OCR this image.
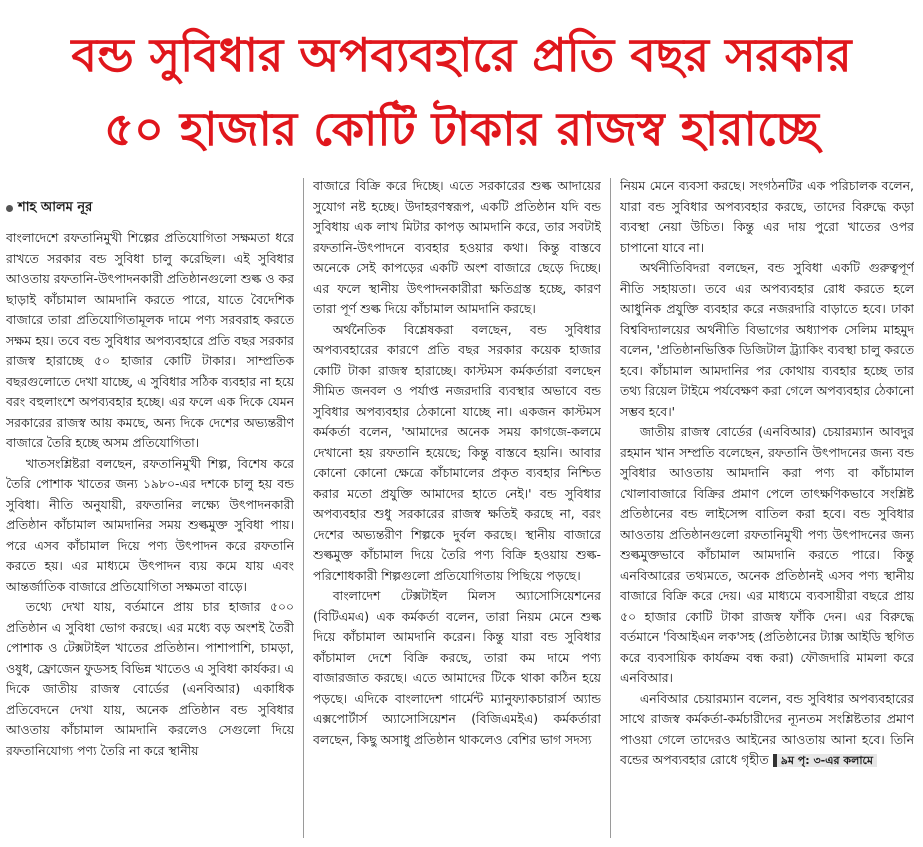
বন্ড সুবিধার অপব্যবহারে প্রতি বছর সরকার
৫০ হাজার কোটি টাকার রাজস্ব হারাচ্ছে
শাহ আলম নূর

বাংলাদেশে রফতানিমুখী শিল্পের প্রতিযোগিতা সক্ষমতা ধরে রাখতে সরকার বন্ড সুবিধা চালু করেছিল। এই সুবিধার আওতায় রফতানি-উৎপাদনকারী প্রতিষ্ঠানগুলো শুল্ক ও কর ছাড়াই কাঁচামাল আমদানি করতে পারে, যাতে বৈদেশিক বাজারে তারা প্রতিযোগিতামূলক দামে পণ্য সরবরাহ করতে সক্ষম হয়। তবে বন্ড সুবিধার অপব্যবহারে প্রতি বছর সরকার রাজস্ব হারাচ্ছে ৫০ হাজার কোটি টাকার। সাম্প্রতিক বছরগুলোতে দেখা যাচ্ছে, এ সুবিধার সঠিক ব্যবহার না হয়ে বরং বহুলাংশে অপব্যবহার হচ্ছে। এর ফলে এক দিকে যেমন সরকারের রাজস্ব আয় কমছে, অন্য দিকে দেশের অভ্যন্তরীণ বাজারে তৈরি হচ্ছে অসম প্রতিযোগিতা।

খাতসংশ্লিষ্টরা বলছেন, রফতানিমুখী শিল্প, বিশেষ করে তৈরি পোশাক খাতের জন্য ১৯৮০-এর দশকে চালু হয় বন্ড সুবিধা। নীতি অনুযায়ী, রফতানির লক্ষ্যে উৎপাদনকারী প্রতিষ্ঠান কাঁচামাল আমদানির সময় শুল্কমুক্ত সুবিধা পায়। পরে এসব কাঁচামাল দিয়ে পণ্য উৎপাদন করে রফতানি করতে হয়। এর মাধ্যমে উৎপাদন ব্যয় কমে যায় এবং আন্তর্জাতিক বাজারে প্রতিযোগিতা সক্ষমতা বাড়ে।

তথ্যে দেখা যায়, বর্তমানে প্রায় চার হাজার ৫০০ প্রতিষ্ঠান এ সুবিধা ভোগ করছে। এর মধ্যে বড় অংশই তৈরী পোশাক ও টেক্সটাইল খাতের প্রতিষ্ঠান। পাশাপাশি, চামড়া, ওষুধ, ফ্রোজেন ফুডসহ বিভিন্ন খাতেও এ সুবিধা কার্যকর। এ দিকে জাতীয় রাজস্ব বোর্ডের (এনবিআর) একাধিক প্রতিবেদনে দেখা যায়, অনেক প্রতিষ্ঠান বন্ড সুবিধার আওতায় কাঁচামাল আমদানি করলেও সেগুলো দিয়ে রফতানিযোগ্য পণ্য তৈরি না করে স্থানীয়

বাজারে বিক্রি করে দিচ্ছে। এতে সরকারের শুল্ক আদায়ের সুযোগ নষ্ট হচ্ছে। উদাহরণস্বরূপ, একটি প্রতিষ্ঠান যদি বন্ড সুবিধায় এক লাখ মিটার কাপড় আমদানি করে, তার সবটাই রফতানি-উৎপাদনে ব্যবহার হওয়ার কথা। কিন্তু বাস্তবে অনেকে সেই কাপড়ের একটি অংশ বাজারে ছেড়ে দিচ্ছে। এর ফলে স্থানীয় উৎপাদনকারীরা ক্ষতিগ্রস্ত হচ্ছে, কারণ তারা পূর্ণ শুল্ক দিয়ে কাঁচামাল আমদানি করছে।

অর্থনৈতিক বিশ্লেষকরা বলছেন, বন্ড সুবিধার অপব্যবহারের কারণে প্রতি বছর সরকার কয়েক হাজার কোটি টাকা রাজস্ব হারাচ্ছে। কাস্টমস কর্মকর্তারা বলছেন সীমিত জনবল ও পর্যাপ্ত নজরদারি ব্যবস্থার অভাবে বন্ড সুবিধার অপব্যবহার ঠেকানো যাচ্ছে না। একজন কাস্টমস কর্মকর্তা বলেন, 'আমাদের অনেক সময় কাগজে-কলমে দেখানো হয় রফতানি হয়েছে; কিন্তু বাস্তবে হয়নি। আবার কোনো কোনো ক্ষেত্রে কাঁচামালের প্রকৃত ব্যবহার নিশ্চিত করার মতো প্রযুক্তি আমাদের হাতে নেই।' বন্ড সুবিধার অপব্যবহার শুধু সরকারের রাজস্ব ক্ষতিই করছে না, বরং দেশের অভ্যন্তরীণ শিল্পকে দুর্বল করছে। স্থানীয় বাজারে শুল্কমুক্ত কাঁচামাল দিয়ে তৈরি পণ্য বিক্রি হওয়ায় শুল্ক-পরিশোধকারী শিল্পগুলো প্রতিযোগিতায় পিছিয়ে পড়ছে।

বাংলাদেশ টেক্সটাইল মিলস অ্যাসোসিয়েশনের (বিটিএমএ) এক কর্মকর্তা বলেন, তারা নিয়ম মেনে শুল্ক দিয়ে কাঁচামাল আমদানি করেন। কিন্তু যারা বন্ড সুবিধার কাঁচামাল দেশে বিক্রি করছে, তারা কম দামে পণ্য বাজারজাত করছে। এতে আমাদের টিকে থাকা কঠিন হয়ে পড়ছে। এদিকে বাংলাদেশ গার্মেন্ট ম্যানুফ্যাকচারার্স অ্যান্ড এক্সপোর্টার্স অ্যাসোসিয়েশন (বিজিএমইএ) কর্মকর্তারা বলছেন, কিছু অসাধু প্রতিষ্ঠান থাকলেও বেশির ভাগ সদস্য

নিয়ম মেনে ব্যবসা করছে। সংগঠনটির এক পরিচালক বলেন, যারা বন্ড সুবিধার অপব্যবহার করছে, তাদের বিরুদ্ধে কড়া ব্যবস্থা নেয়া উচিত। কিন্তু এর দায় পুরো খাতের ওপর চাপানো যাবে না।

অর্থনীতিবিদরা বলছেন, বন্ড সুবিধা একটি গুরুত্বপূর্ণ নীতি সহায়তা। তবে এর অপব্যবহার রোধ করতে হলে আধুনিক প্রযুক্তি ব্যবহার করে নজরদারি বাড়াতে হবে। ঢাকা বিশ্ববিদ্যালয়ের অর্থনীতি বিভাগের অধ্যাপক সেলিম মাহমুদ বলেন, 'প্রতিষ্ঠানভিত্তিক ডিজিটাল ট্র্যাকিং ব্যবস্থা চালু করতে হবে। কাঁচামাল আমদানির পর কোথায় ব্যবহার হচ্ছে তার তথ্য রিয়েল টাইমে পর্যবেক্ষণ করা গেলে অপব্যবহার ঠেকানো সম্ভব হবে।'

জাতীয় রাজস্ব বোর্ডের (এনবিআর) চেয়ারম্যান আবদুর রহমান খান সম্প্রতি বলেছেন, রফতানি উৎপাদনের জন্য বন্ড সুবিধার আওতায় আমদানি করা পণ্য বা কাঁচামাল খোলাবাজারে বিক্রির প্রমাণ পেলে তাৎক্ষণিকভাবে সংশ্লিষ্ট প্রতিষ্ঠানের বন্ড লাইসেন্স বাতিল করা হবে। বন্ড সুবিধার আওতায় প্রতিষ্ঠানগুলো রফতানিমুখী পণ্য উৎপাদনের জন্য শুল্কমুক্তভাবে কাঁচামাল আমদানি করতে পারে। কিন্তু এনবিআরের তথ্যমতে, অনেক প্রতিষ্ঠানই এসব পণ্য স্থানীয় বাজারে বিক্রি করে দেয়। এর মাধ্যমে ব্যবসায়ীরা বছরে প্রায় ৫০ হাজার কোটি টাকা রাজস্ব ফাঁকি দেন। এর বিরুদ্ধে বর্তমানে 'বিআইএন লক'সহ (প্রতিষ্ঠানের ট্যাক্স আইডি স্থগিত করে ব্যবসায়িক কার্যক্রম বন্ধ করা) ফৌজদারি মামলা করে এনবিআর।

এনবিআর চেয়ারম্যান বলেন, বন্ড সুবিধার অপব্যবহারের সাথে রাজস্ব কর্মকর্তা-কর্মচারীদের ন্যূনতম সংশ্লিষ্টতার প্রমাণ পাওয়া গেলে তাদেরও আইনের আওতায় আনা হবে। তিনি বন্ডের অপব্যবহার রোধে গৃহীত ৯ম পৃ: ৩-এর কলামে
